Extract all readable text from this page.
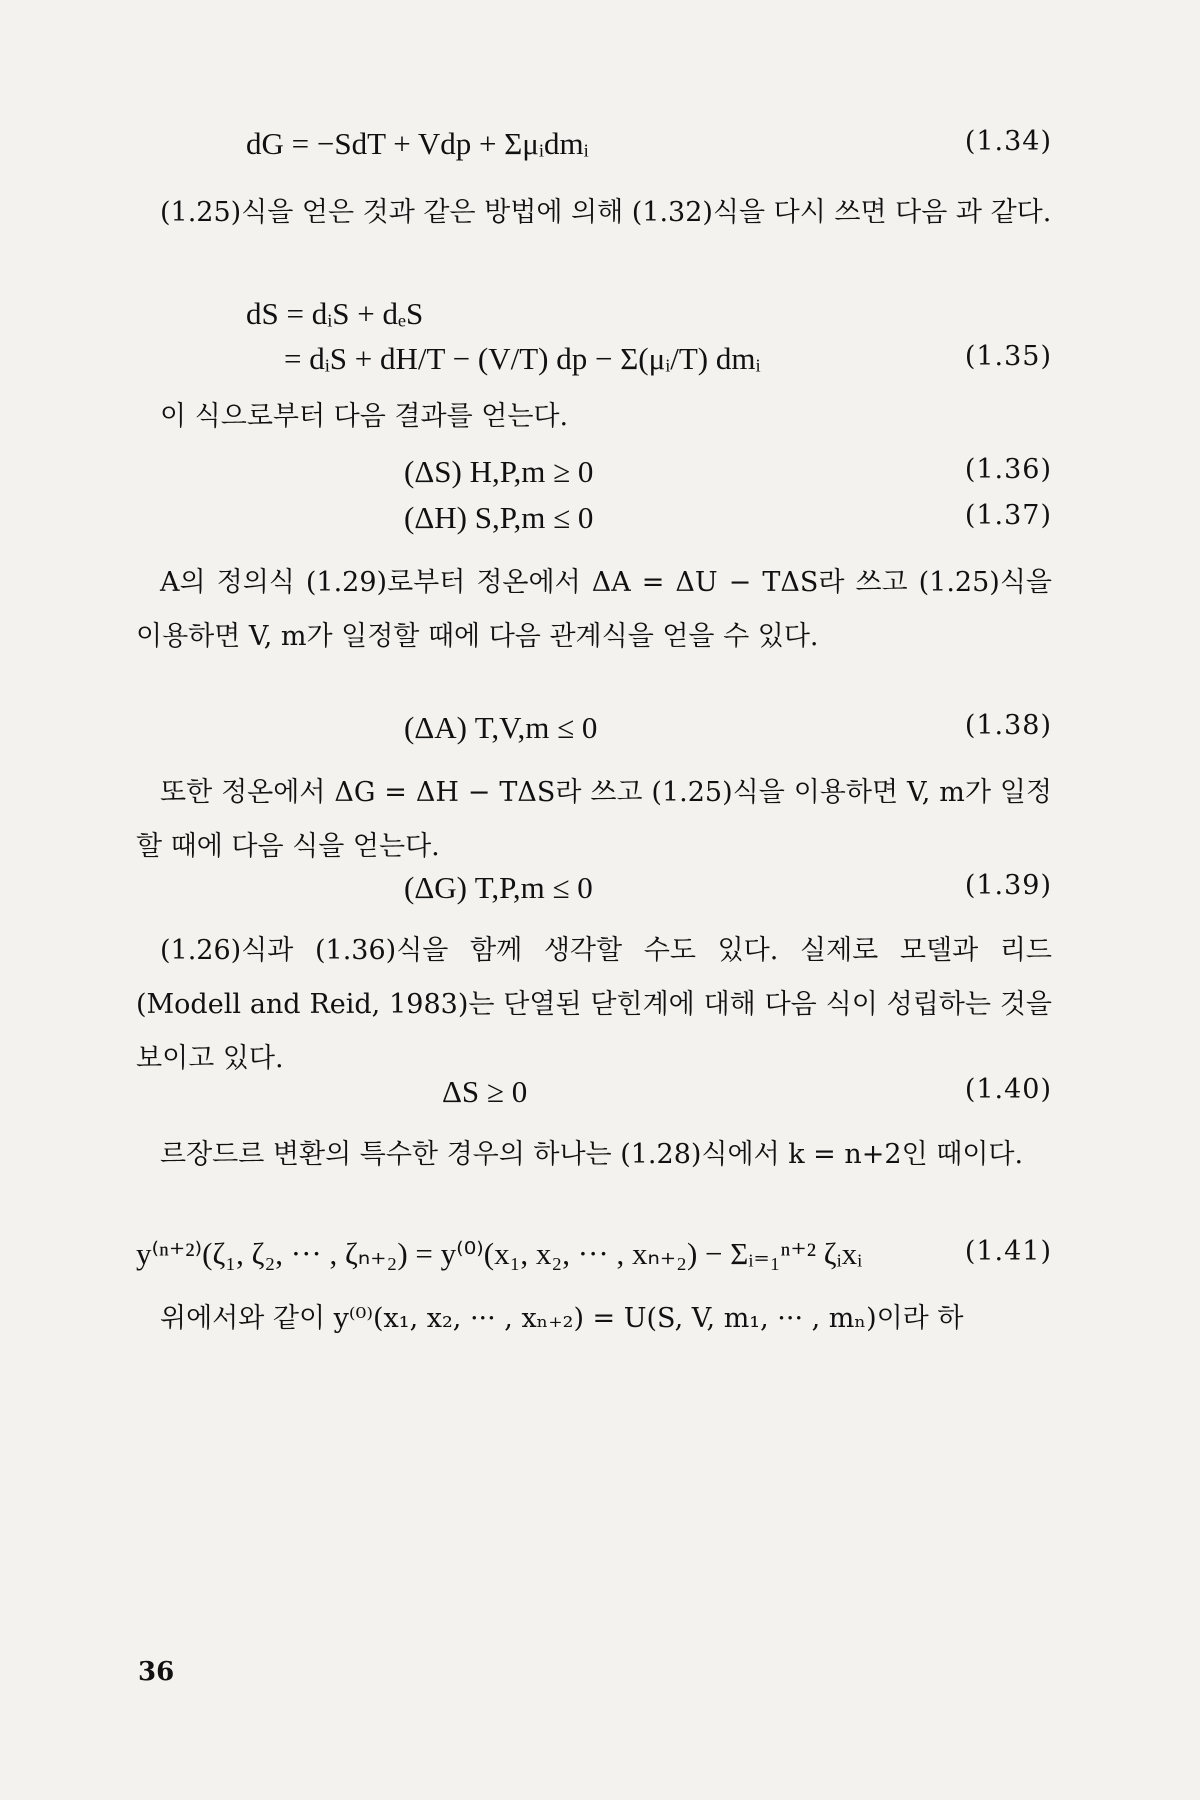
dG = −SdT + Vdp + Σμᵢdmᵢ	(1.34)
(1.25)식을 얻은 것과 같은 방법에 의해 (1.32)식을 다시 쓰면 다음 과 같다.
dS = dᵢS + dₑS
= dᵢS + dH/T − (V/T) dp − Σ(μᵢ/T) dmᵢ	(1.35)
이 식으로부터 다음 결과를 얻는다.
(ΔS) H,P,m ≥ 0	(1.36)
(ΔH) S,P,m ≤ 0	(1.37)
A의 정의식 (1.29)로부터 정온에서 ΔA = ΔU − TΔS라 쓰고 (1.25)식을 이용하면 V, m가 일정할 때에 다음 관계식을 얻을 수 있다.
(ΔA) T,V,m ≤ 0	(1.38)
또한 정온에서 ΔG = ΔH − TΔS라 쓰고 (1.25)식을 이용하면 V, m가 일정할 때에 다음 식을 얻는다.
(ΔG) T,P,m ≤ 0	(1.39)
(1.26)식과 (1.36)식을 함께 생각할 수도 있다. 실제로 모델과 리드 (Modell and Reid, 1983)는 단열된 닫힌계에 대해 다음 식이 성립하는 것을 보이고 있다.
ΔS ≥ 0	(1.40)
르장드르 변환의 특수한 경우의 하나는 (1.28)식에서 k = n+2인 때이다.
y⁽ⁿ⁺²⁾(ζ₁, ζ₂, ··· , ζₙ₊₂) = y⁽⁰⁾(x₁, x₂, ··· , xₙ₊₂) − Σᵢ₌₁ⁿ⁺² ζᵢxᵢ	(1.41)
위에서와 같이 y⁽⁰⁾(x₁, x₂, ··· , xₙ₊₂) = U(S, V, m₁, ··· , mₙ)이라 하
36
